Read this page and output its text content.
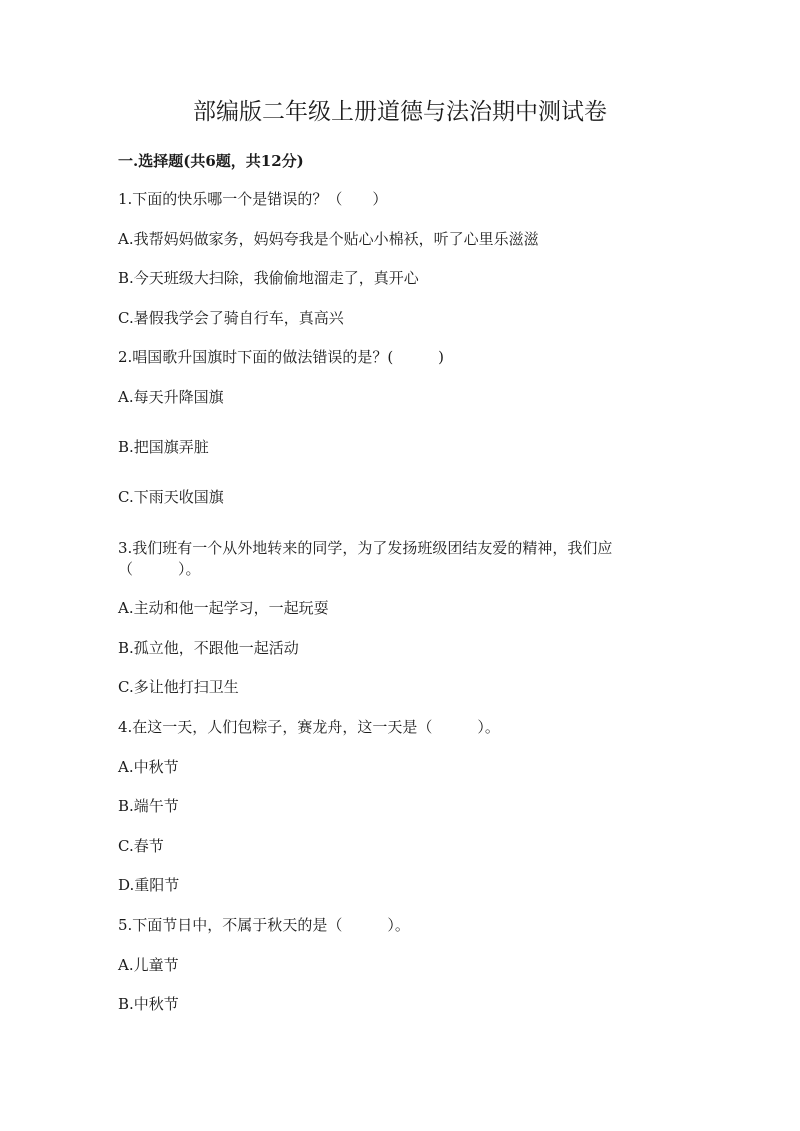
部编版二年级上册道德与法治期中测试卷

一.选择题(共6题，共12分)

1.下面的快乐哪一个是错误的？（　　）

A.我帮妈妈做家务，妈妈夸我是个贴心小棉袄，听了心里乐滋滋

B.今天班级大扫除，我偷偷地溜走了，真开心

C.暑假我学会了骑自行车，真高兴

2.唱国歌升国旗时下面的做法错误的是？(　　　)

A.每天升降国旗

B.把国旗弄脏

C.下雨天收国旗

3.我们班有一个从外地转来的同学，为了发扬班级团结友爱的精神，我们应

（　　　）。

A.主动和他一起学习，一起玩耍

B.孤立他，不跟他一起活动

C.多让他打扫卫生

4.在这一天，人们包粽子，赛龙舟，这一天是（　　　）。

A.中秋节

B.端午节

C.春节

D.重阳节

5.下面节日中，不属于秋天的是（　　　）。

A.儿童节

B.中秋节
